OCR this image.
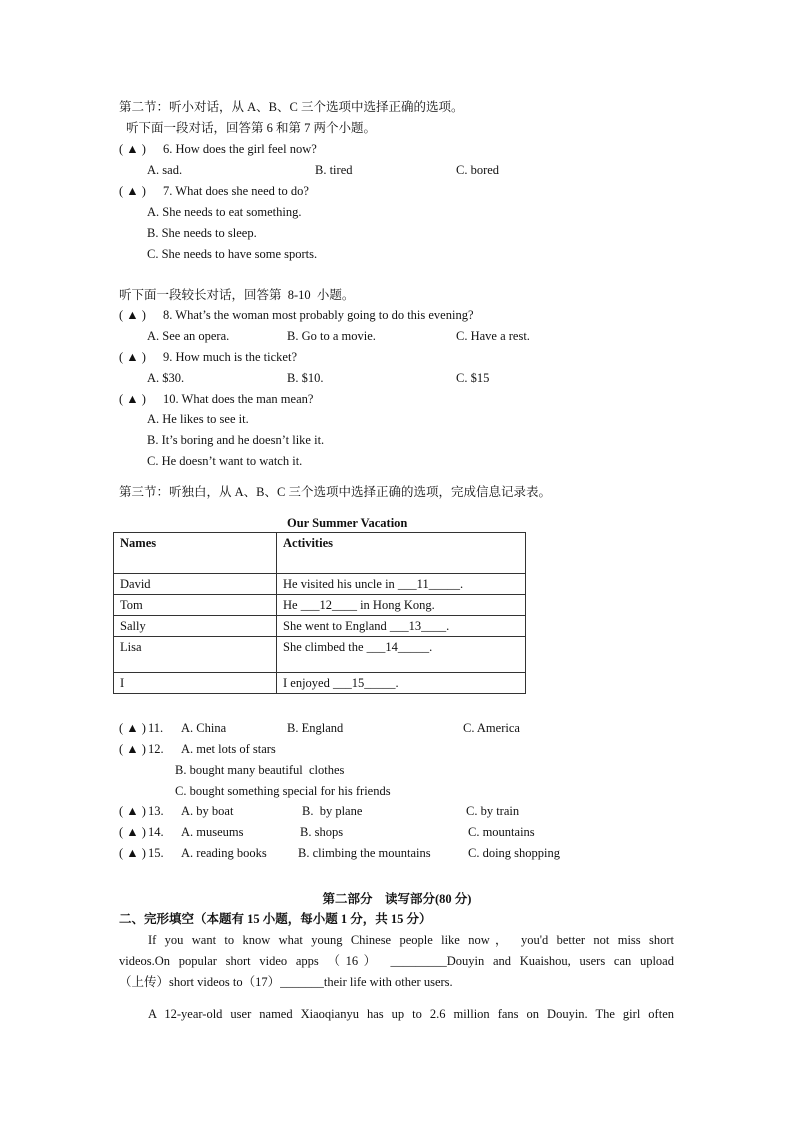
第二节：听小对话，从 A、B、C 三个选项中选择正确的选项。
听下面一段对话，回答第 6 和第 7 两个小题。
( ▲ ) 6. How does the girl feel now?
A. sad.	B. tired	C. bored
( ▲ ) 7. What does she need to do?
A. She needs to eat something.
B. She needs to sleep.
C. She needs to have some sports.
听下面一段较长对话，回答第  8-10  小题。
( ▲ ) 8. What’s the woman most probably going to do this evening?
A. See an opera.	B. Go to a movie.	C. Have a rest.
( ▲ ) 9. How much is the ticket?
A. $30.	B. $10.	C. $15
( ▲ ) 10. What does the man mean?
A. He likes to see it.
B. It’s boring and he doesn’t like it.
C. He doesn’t want to watch it.
第三节：听独白，从 A、B、C 三个选项中选择正确的选项，完成信息记录表。
Our Summer Vacation
Names	Activities
David	He visited his uncle in ___11_____.
Tom	He ___12____ in Hong Kong.
Sally	She went to England ___13____.
Lisa	She climbed the ___14_____.
I	I enjoyed ___15_____.
( ▲ ) 11. A. China	B. England	C. America
( ▲ ) 12. A. met lots of stars
B. bought many beautiful  clothes
C. bought something special for his friends
( ▲ ) 13. A. by boat	B.  by plane	C. by train
( ▲ ) 14. A. museums	B. shops	C. mountains
( ▲ ) 15. A. reading books	B. climbing the mountains	C. doing shopping
第二部分    读写部分(80 分)
二、完形填空（本题有 15 小题，每小题 1 分，共 15 分）
If you want to know what young Chinese people like now， you'd better not miss short
videos.On popular short video apps （16） _________Douyin and Kuaishou, users can upload
（上传）short videos to（17）_______their life with other users.
A 12-year-old user named Xiaoqianyu has up to 2.6 million fans on Douyin. The girl often
